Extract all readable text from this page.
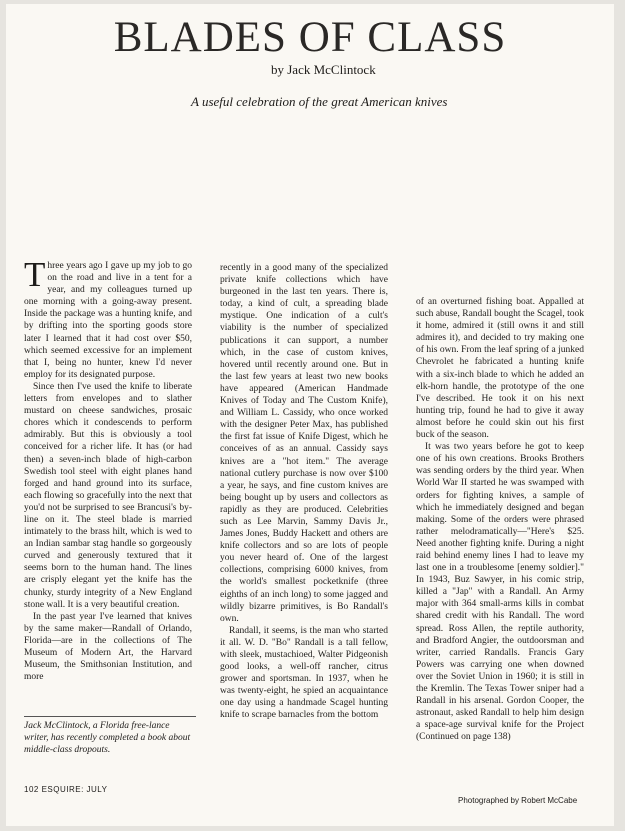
BLADES OF CLASS

by Jack McClintock

A useful celebration of the great American knives

Three years ago I gave up my job to go on the road and live in a tent for a year, and my colleagues turned up one morning with a going-away present. Inside the package was a hunting knife, and by drifting into the sporting goods store later I learned that it had cost over $50, which seemed excessive for an implement that I, being no hunter, knew I'd never employ for its designated purpose.

Since then I've used the knife to liberate letters from envelopes and to slather mustard on cheese sandwiches, prosaic chores which it condescends to perform admirably. But this is obviously a tool conceived for a richer life. It has (or had then) a seven-inch blade of high-carbon Swedish tool steel with eight planes hand forged and hand ground into its surface, each flowing so gracefully into the next that you'd not be surprised to see Brancusi's by-line on it. The steel blade is married intimately to the brass hilt, which is wed to an Indian sambar stag handle so gorgeously curved and generously textured that it seems born to the human hand. The lines are crisply elegant yet the knife has the chunky, sturdy integrity of a New England stone wall. It is a very beautiful creation.

In the past year I've learned that knives by the same maker—Randall of Orlando, Florida—are in the collections of The Museum of Modern Art, the Harvard Museum, the Smithsonian Institution, and more

recently in a good many of the specialized private knife collections which have burgeoned in the last ten years. There is, today, a kind of cult, a spreading blade mystique. One indication of a cult's viability is the number of specialized publications it can support, a number which, in the case of custom knives, hovered until recently around one. But in the last few years at least two new books have appeared (American Handmade Knives of Today and The Custom Knife), and William L. Cassidy, who once worked with the designer Peter Max, has published the first fat issue of Knife Digest, which he conceives of as an annual. Cassidy says knives are a "hot item." The average national cutlery purchase is now over $100 a year, he says, and fine custom knives are being bought up by users and collectors as rapidly as they are produced. Celebrities such as Lee Marvin, Sammy Davis Jr., James Jones, Buddy Hackett and others are knife collectors and so are lots of people you never heard of. One of the largest collections, comprising 6000 knives, from the world's smallest pocketknife (three eighths of an inch long) to some jagged and wildly bizarre primitives, is Bo Randall's own.

Randall, it seems, is the man who started it all. W. D. "Bo" Randall is a tall fellow, with sleek, mustachioed, Walter Pidgeonish good looks, a well-off rancher, citrus grower and sportsman. In 1937, when he was twenty-eight, he spied an acquaintance one day using a handmade Scagel hunting knife to scrape barnacles from the bottom

of an overturned fishing boat. Appalled at such abuse, Randall bought the Scagel, took it home, admired it (still owns it and still admires it), and decided to try making one of his own. From the leaf spring of a junked Chevrolet he fabricated a hunting knife with a six-inch blade to which he added an elk-horn handle, the prototype of the one I've described. He took it on his next hunting trip, found he had to give it away almost before he could skin out his first buck of the season.

It was two years before he got to keep one of his own creations. Brooks Brothers was sending orders by the third year. When World War II started he was swamped with orders for fighting knives, a sample of which he immediately designed and began making. Some of the orders were phrased rather melodramatically—"Here's $25. Need another fighting knife. During a night raid behind enemy lines I had to leave my last one in a troublesome [enemy soldier]." In 1943, Buz Sawyer, in his comic strip, killed a "Jap" with a Randall. An Army major with 364 small-arms kills in combat shared credit with his Randall. The word spread. Ross Allen, the reptile authority, and Bradford Angier, the outdoorsman and writer, carried Randalls. Francis Gary Powers was carrying one when downed over the Soviet Union in 1960; it is still in the Kremlin. The Texas Tower sniper had a Randall in his arsenal. Gordon Cooper, the astronaut, asked Randall to help him design a space-age survival knife for the Project (Continued on page 138)

Jack McClintock, a Florida free-lance writer, has recently completed a book about middle-class dropouts.

102 ESQUIRE: JULY

Photographed by Robert McCabe
